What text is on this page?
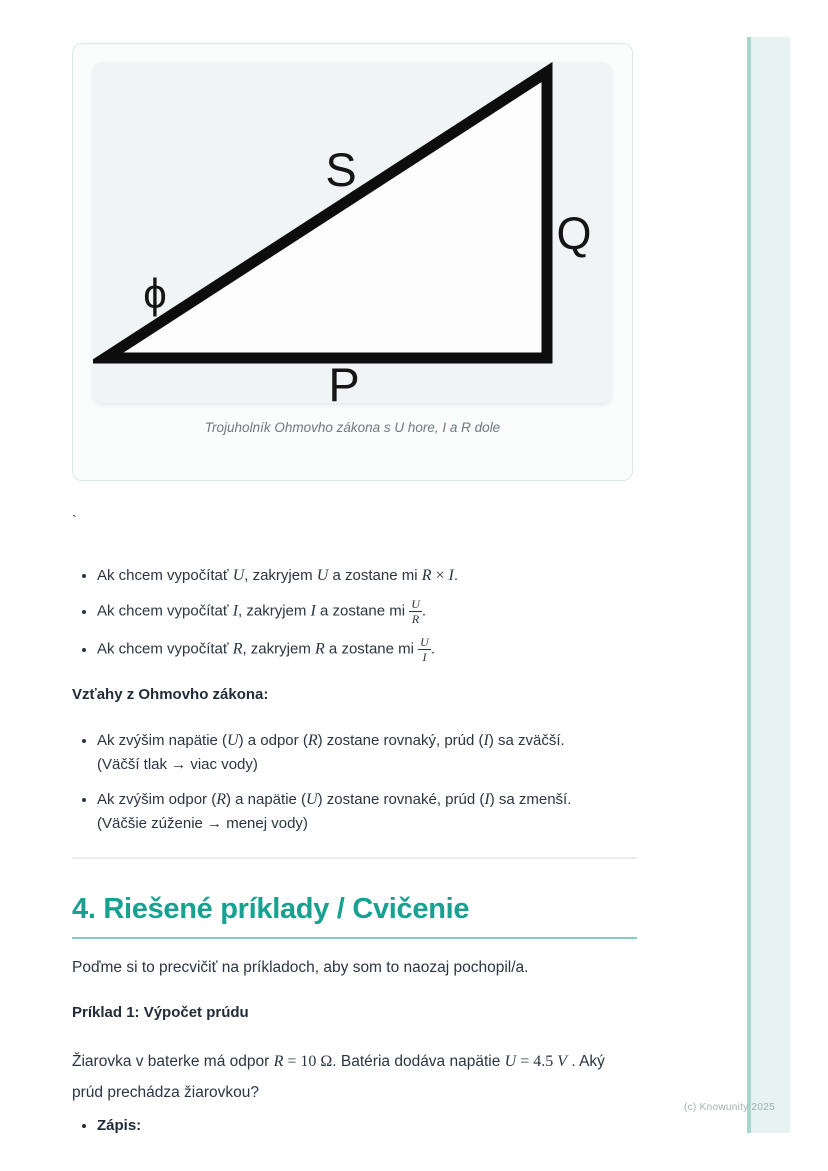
(c) Knowunity 2025
S
Q
P
ϕ
Trojuholník Ohmovho zákona s U hore, I a R dole

`

• Ak chcem vypočítať U, zakryjem U a zostane mi R × I.
• Ak chcem vypočítať I, zakryjem I a zostane mi $\frac{U}{R}$ .
• Ak chcem vypočítať R, zakryjem R a zostane mi $\frac{U}{I}$ .

Vzťahy z Ohmovho zákona:

• Ak zvýšim napätie (U) a odpor (R) zostane rovnaký, prúd (I) sa zväčší.
(Väčší tlak → viac vody)
• Ak zvýšim odpor (R) a napätie (U) zostane rovnaké, prúd (I) sa zmenší.
(Väčšie zúženie → menej vody)
4. Riešené príklady / Cvičenie

Poďme si to precvičiť na príkladoch, aby som to naozaj pochopil/a.

Príklad 1: Výpočet prúdu

Žiarovka v baterke má odpor R = 10 Ω. Batéria dodáva napätie U = 4.5 V . Aký prúd prechádza žiarovkou?

• Zápis:
